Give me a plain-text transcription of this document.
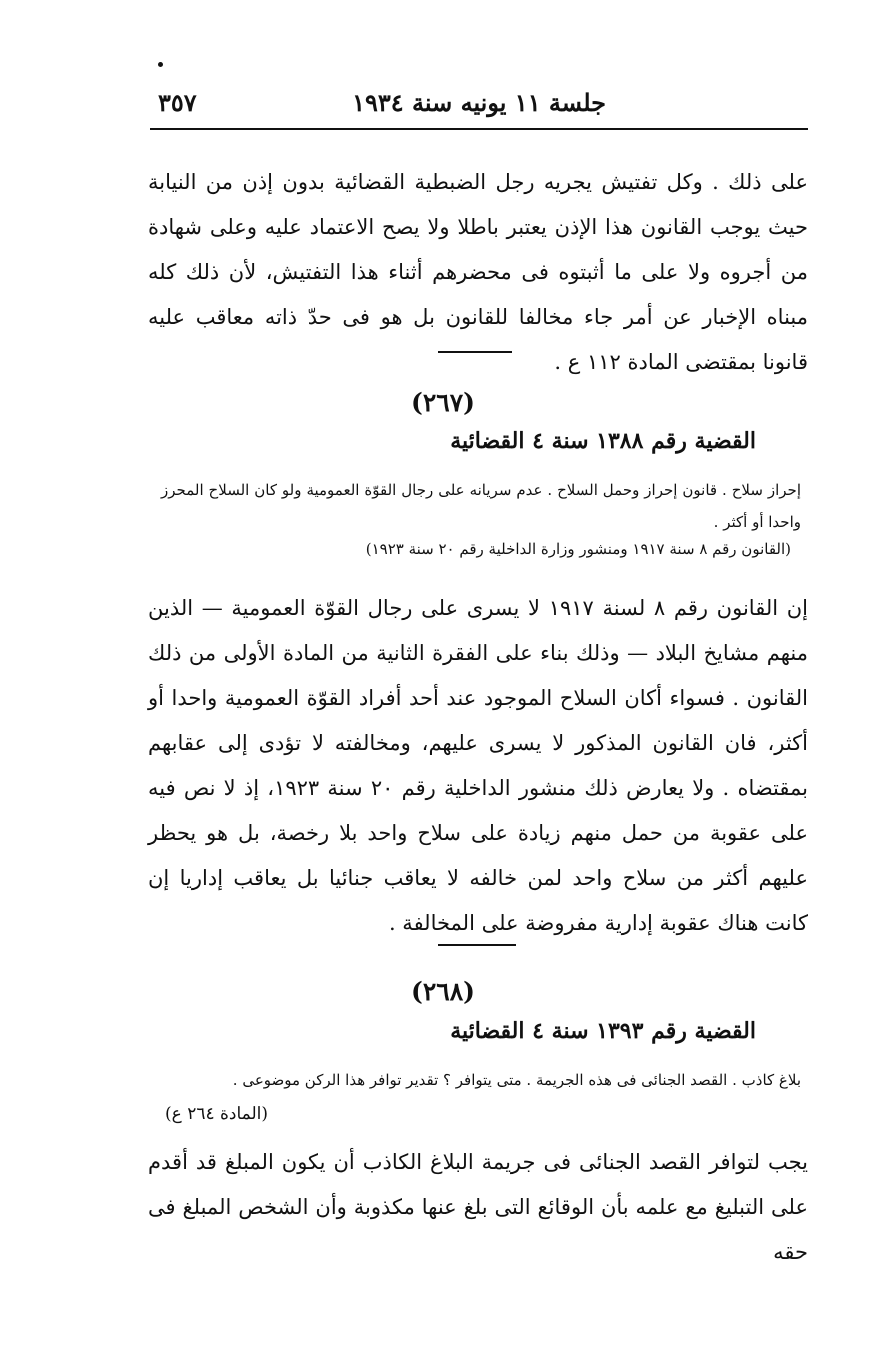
جلسة ١١ يونيه سنة ١٩٣٤
٣٥٧

على ذلك . وكل تفتيش يجريه رجل الضبطية القضائية بدون إذن من النيابة حيث يوجب القانون هذا الإذن يعتبر باطلا ولا يصح الاعتماد عليه وعلى شهادة من أجروه ولا على ما أثبتوه فى محضرهم أثناء هذا التفتيش، لأن ذلك كله مبناه الإخبار عن أمر جاء مخالفا للقانون بل هو فى حدّ ذاته معاقب عليه قانونا بمقتضى المادة ١١٢ ع .

(٢٦٧)
القضية رقم ١٣٨٨ سنة ٤ القضائية
إحراز سلاح . قانون إحراز وحمل السلاح . عدم سريانه على رجال القوّة العمومية ولو كان السلاح المحرز واحدا أو أكثر .
(القانون رقم ٨ سنة ١٩١٧ ومنشور وزارة الداخلية رقم ٢٠ سنة ١٩٢٣)

إن القانون رقم ٨ لسنة ١٩١٧ لا يسرى على رجال القوّة العمومية — الذين منهم مشايخ البلاد — وذلك بناء على الفقرة الثانية من المادة الأولى من ذلك القانون . فسواء أكان السلاح الموجود عند أحد أفراد القوّة العمومية واحدا أو أكثر، فان القانون المذكور لا يسرى عليهم، ومخالفته لا تؤدى إلى عقابهم بمقتضاه . ولا يعارض ذلك منشور الداخلية رقم ٢٠ سنة ١٩٢٣، إذ لا نص فيه على عقوبة من حمل منهم زيادة على سلاح واحد بلا رخصة، بل هو يحظر عليهم أكثر من سلاح واحد لمن خالفه لا يعاقب جنائيا بل يعاقب إداريا إن كانت هناك عقوبة إدارية مفروضة على المخالفة .

(٢٦٨)
القضية رقم ١٣٩٣ سنة ٤ القضائية
بلاغ كاذب . القصد الجنائى فى هذه الجريمة . متى يتوافر ؟ تقدير توافر هذا الركن موضوعى .
(المادة ٢٦٤ ع)

يجب لتوافر القصد الجنائى فى جريمة البلاغ الكاذب أن يكون المبلغ قد أقدم على التبليغ مع علمه بأن الوقائع التى بلغ عنها مكذوبة وأن الشخص المبلغ فى حقه
